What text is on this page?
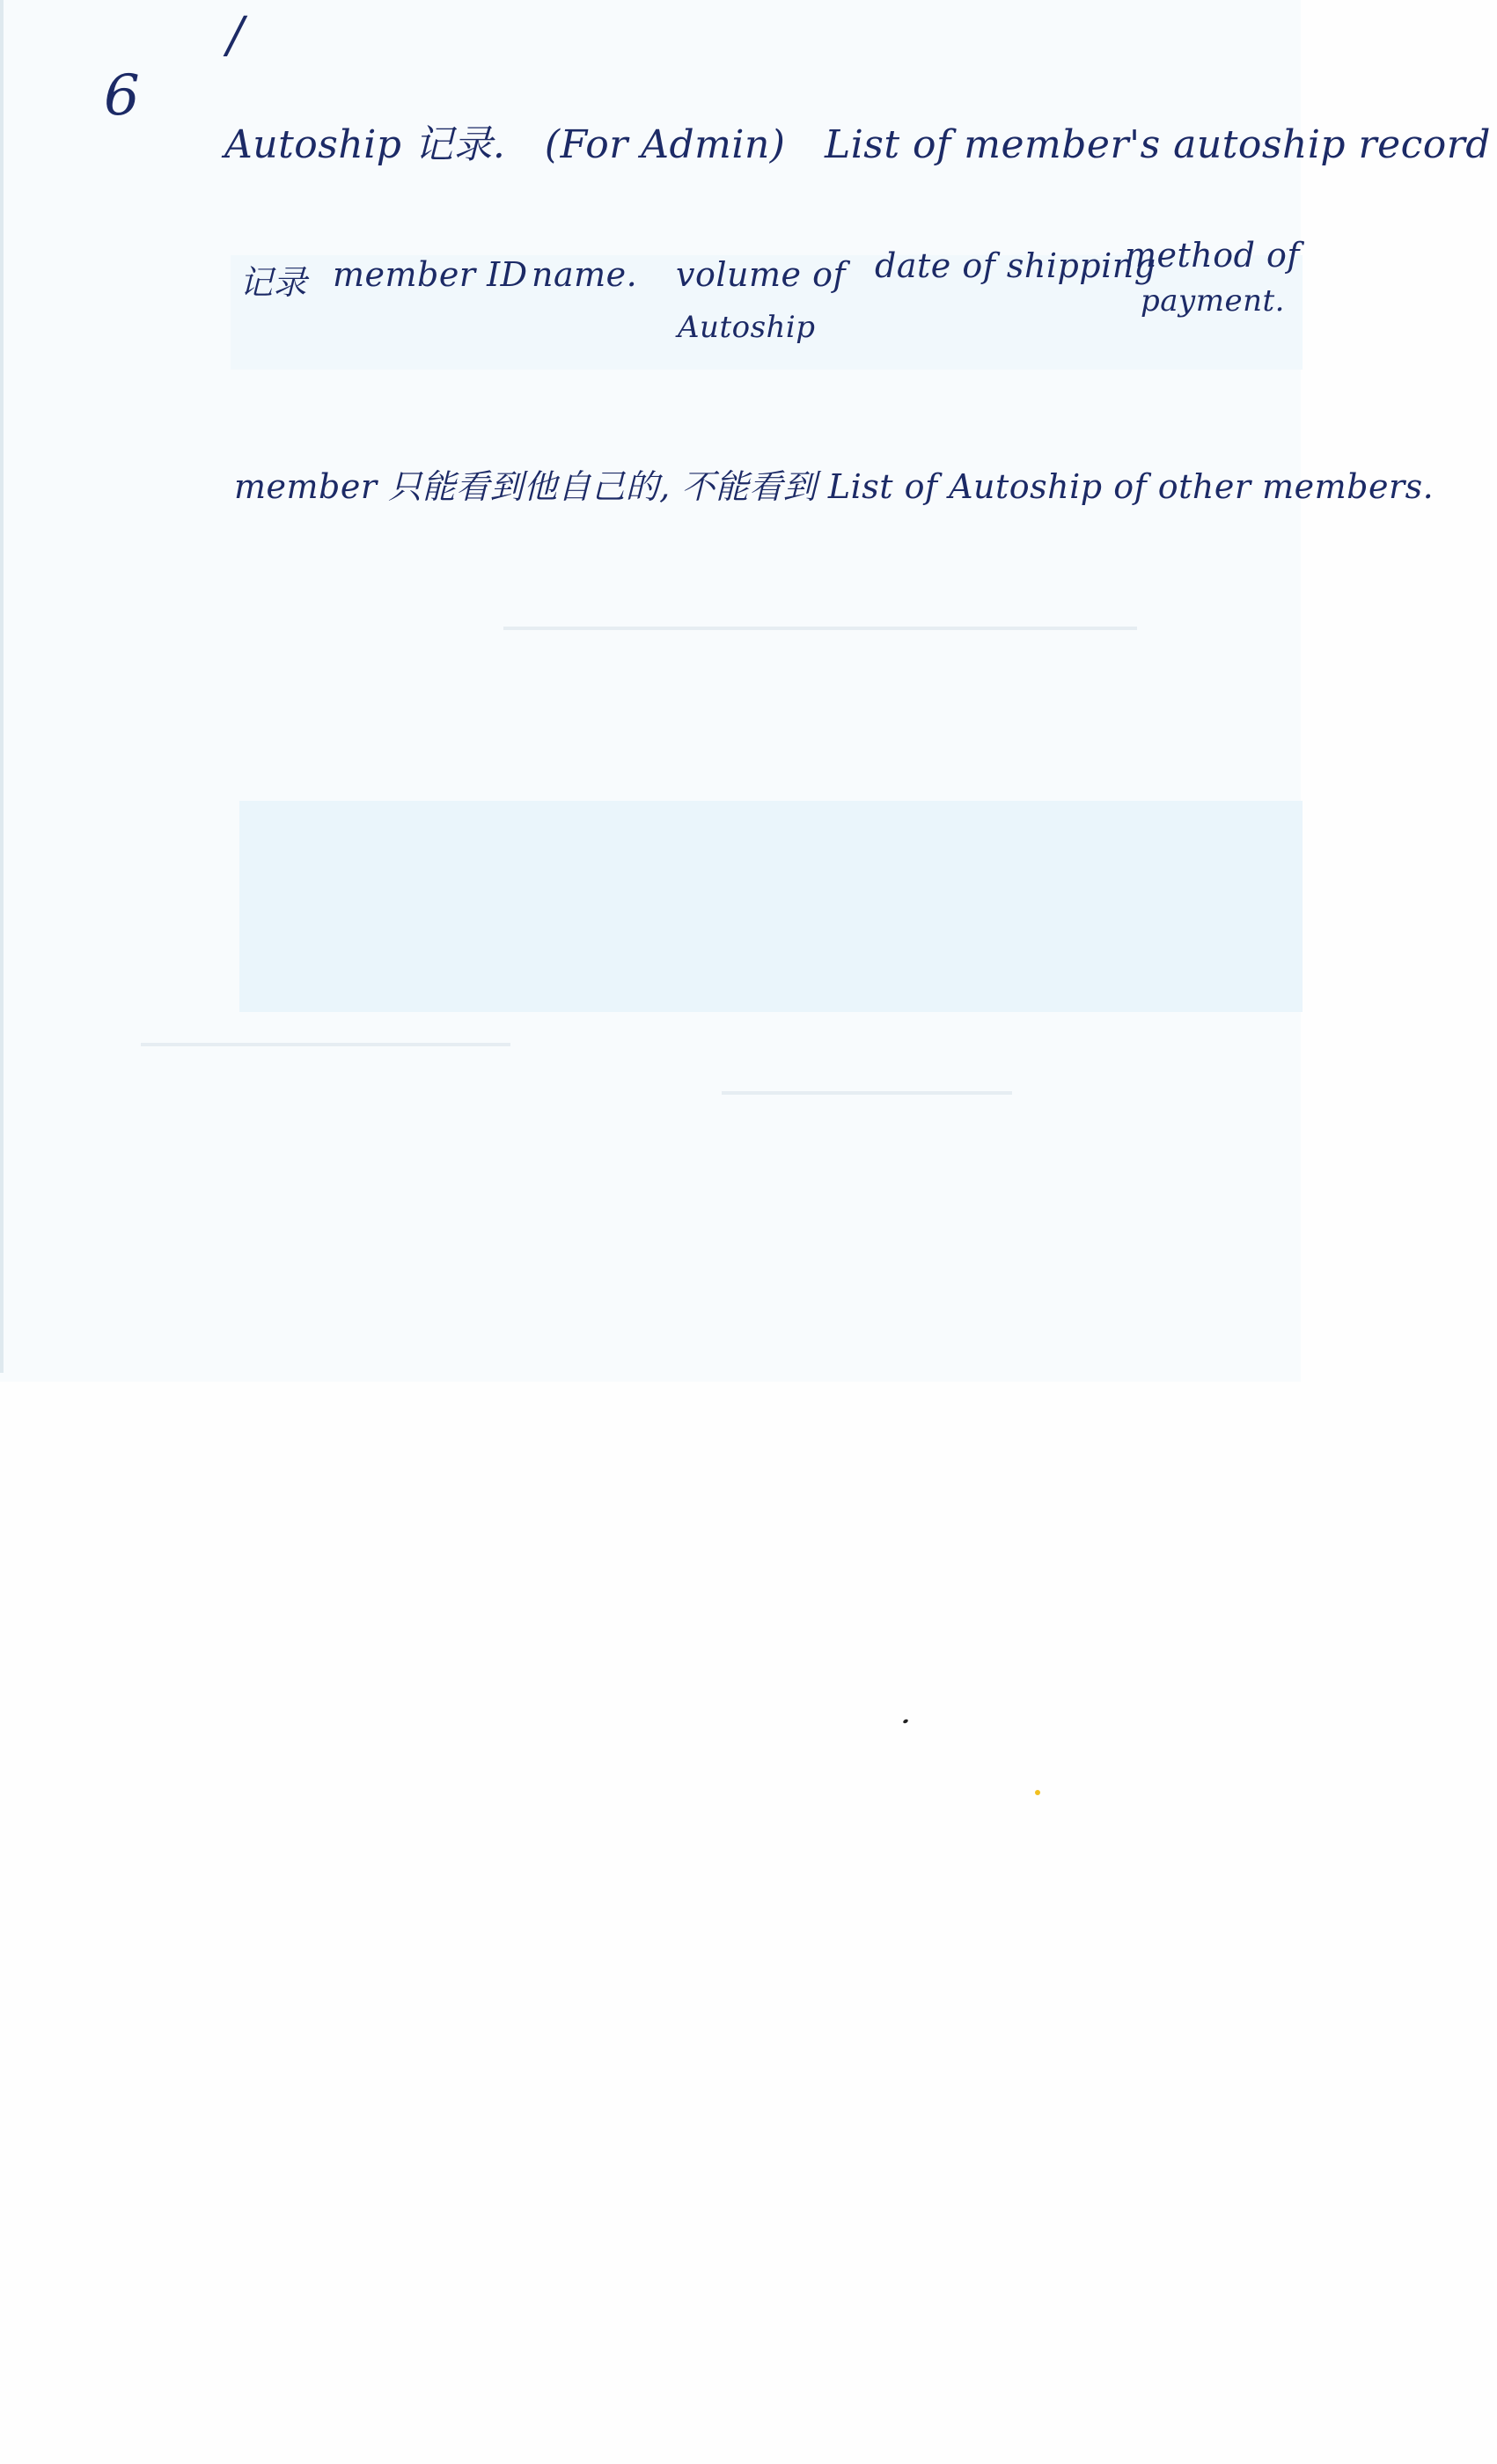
6
/
Autoship 记录. (For Admin) List of member's autoship record
记录 member ID name. volume of
Autoship
date of shipping
method of
payment.
member 只能看到他自己的, 不能看到 List of Autoship of other members.
